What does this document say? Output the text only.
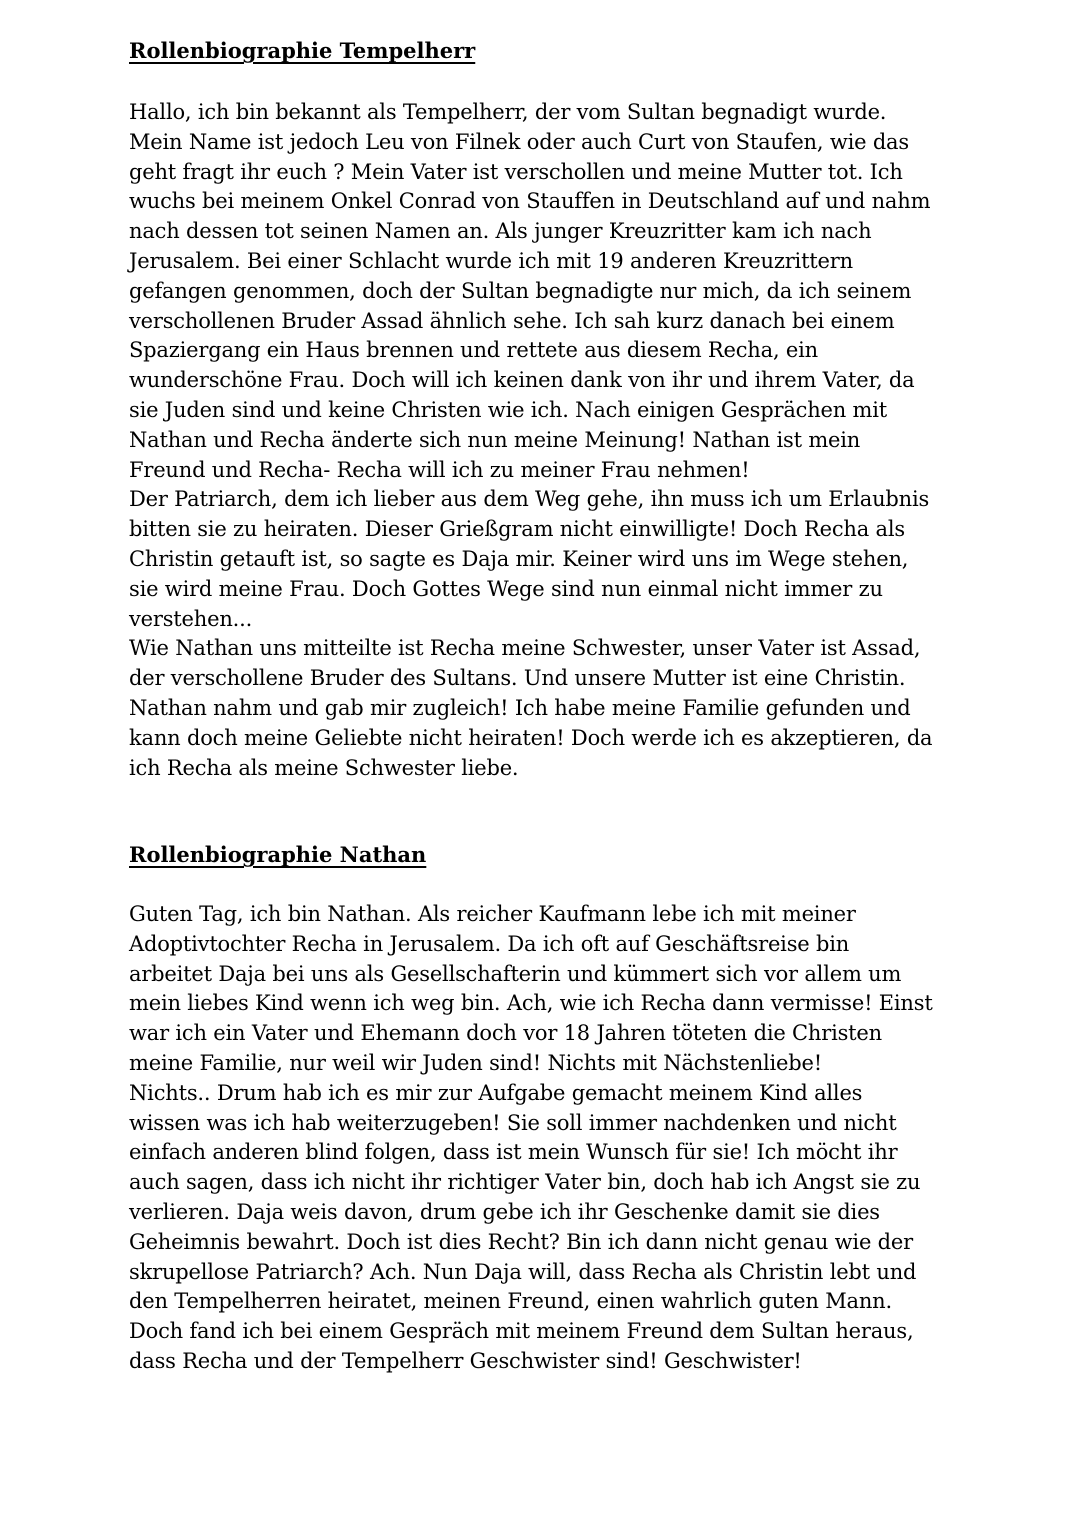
Rollenbiographie Tempelherr

Hallo, ich bin bekannt als Tempelherr, der vom Sultan begnadigt wurde.
Mein Name ist jedoch Leu von Filnek oder auch Curt von Staufen, wie das
geht fragt ihr euch ? Mein Vater ist verschollen und meine Mutter tot. Ich
wuchs bei meinem Onkel Conrad von Stauffen in Deutschland auf und nahm
nach dessen tot seinen Namen an. Als junger Kreuzritter kam ich nach
Jerusalem. Bei einer Schlacht wurde ich mit 19 anderen Kreuzrittern
gefangen genommen, doch der Sultan begnadigte nur mich, da ich seinem
verschollenen Bruder Assad ähnlich sehe. Ich sah kurz danach bei einem
Spaziergang ein Haus brennen und rettete aus diesem Recha, ein
wunderschöne Frau. Doch will ich keinen dank von ihr und ihrem Vater, da
sie Juden sind und keine Christen wie ich. Nach einigen Gesprächen mit
Nathan und Recha änderte sich nun meine Meinung! Nathan ist mein
Freund und Recha- Recha will ich zu meiner Frau nehmen!
Der Patriarch, dem ich lieber aus dem Weg gehe, ihn muss ich um Erlaubnis
bitten sie zu heiraten. Dieser Grießgram nicht einwilligte! Doch Recha als
Christin getauft ist, so sagte es Daja mir. Keiner wird uns im Wege stehen,
sie wird meine Frau. Doch Gottes Wege sind nun einmal nicht immer zu
verstehen...
Wie Nathan uns mitteilte ist Recha meine Schwester, unser Vater ist Assad,
der verschollene Bruder des Sultans. Und unsere Mutter ist eine Christin.
Nathan nahm und gab mir zugleich! Ich habe meine Familie gefunden und
kann doch meine Geliebte nicht heiraten! Doch werde ich es akzeptieren, da
ich Recha als meine Schwester liebe.

Rollenbiographie Nathan

Guten Tag, ich bin Nathan. Als reicher Kaufmann lebe ich mit meiner
Adoptivtochter Recha in Jerusalem. Da ich oft auf Geschäftsreise bin
arbeitet Daja bei uns als Gesellschafterin und kümmert sich vor allem um
mein liebes Kind wenn ich weg bin. Ach, wie ich Recha dann vermisse! Einst
war ich ein Vater und Ehemann doch vor 18 Jahren töteten die Christen
meine Familie, nur weil wir Juden sind! Nichts mit Nächstenliebe!
Nichts.. Drum hab ich es mir zur Aufgabe gemacht meinem Kind alles
wissen was ich hab weiterzugeben! Sie soll immer nachdenken und nicht
einfach anderen blind folgen, dass ist mein Wunsch für sie! Ich möcht ihr
auch sagen, dass ich nicht ihr richtiger Vater bin, doch hab ich Angst sie zu
verlieren. Daja weis davon, drum gebe ich ihr Geschenke damit sie dies
Geheimnis bewahrt. Doch ist dies Recht? Bin ich dann nicht genau wie der
skrupellose Patriarch? Ach. Nun Daja will, dass Recha als Christin lebt und
den Tempelherren heiratet, meinen Freund, einen wahrlich guten Mann.
Doch fand ich bei einem Gespräch mit meinem Freund dem Sultan heraus,
dass Recha und der Tempelherr Geschwister sind! Geschwister!
